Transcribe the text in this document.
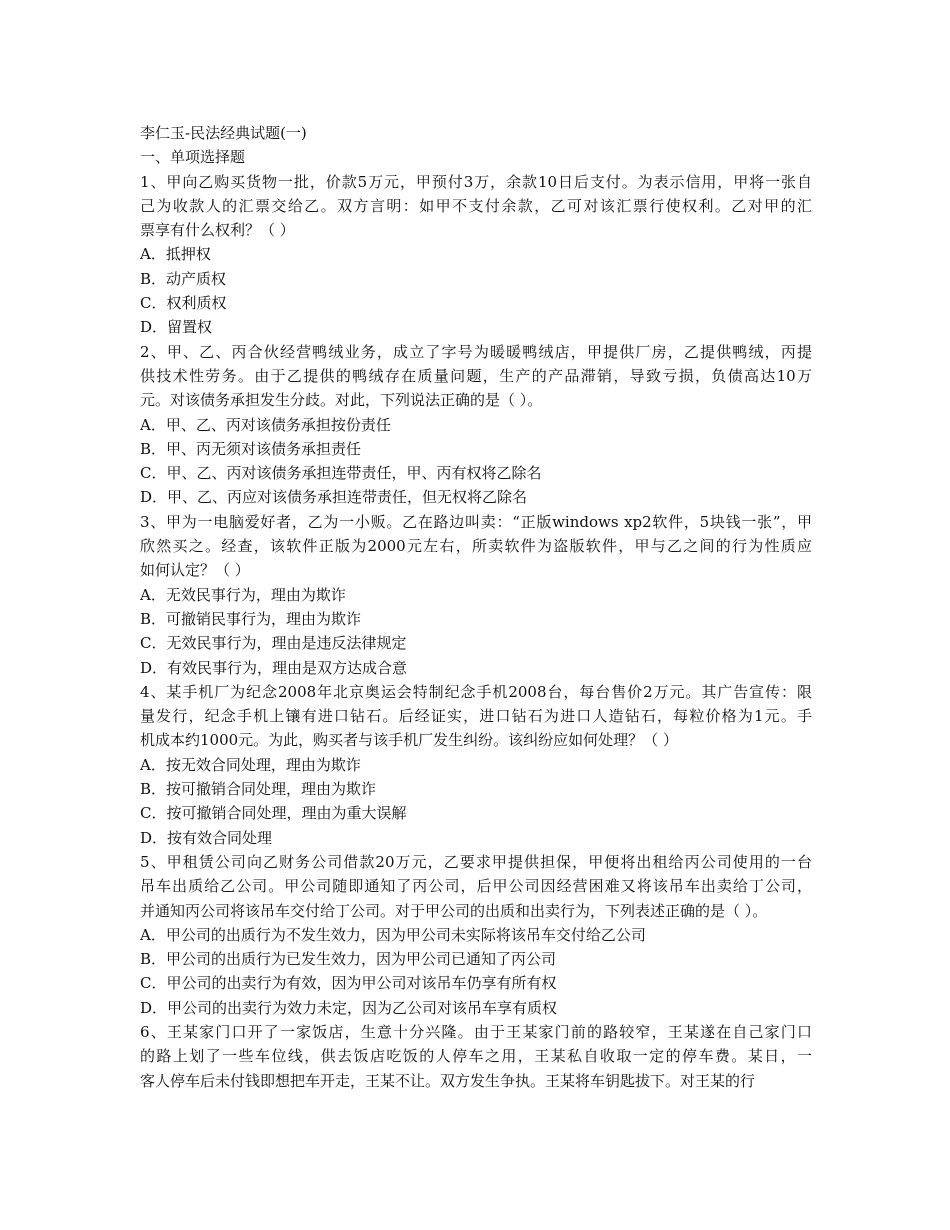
李仁玉-民法经典试题(一)
一、单项选择题
1、甲向乙购买货物一批，价款5万元，甲预付3万，余款10日后支付。为表示信用，甲将一张自
己为收款人的汇票交给乙。双方言明：如甲不支付余款，乙可对该汇票行使权利。乙对甲的汇
票享有什么权利？（ ）
A．抵押权
B．动产质权
C．权利质权
D．留置权
2、甲、乙、丙合伙经营鸭绒业务，成立了字号为暖暖鸭绒店，甲提供厂房，乙提供鸭绒，丙提
供技术性劳务。由于乙提供的鸭绒存在质量问题，生产的产品滞销，导致亏损，负债高达10万
元。对该债务承担发生分歧。对此，下列说法正确的是（ ）。
A．甲、乙、丙对该债务承担按份责任
B．甲、丙无须对该债务承担责任
C．甲、乙、丙对该债务承担连带责任，甲、丙有权将乙除名
D．甲、乙、丙应对该债务承担连带责任，但无权将乙除名
3、甲为一电脑爱好者，乙为一小贩。乙在路边叫卖：“正版windows xp2软件，5块钱一张”，甲
欣然买之。经查，该软件正版为2000元左右，所卖软件为盗版软件，甲与乙之间的行为性质应
如何认定？（ ）
A．无效民事行为，理由为欺诈
B．可撤销民事行为，理由为欺诈
C．无效民事行为，理由是违反法律规定
D．有效民事行为，理由是双方达成合意
4、某手机厂为纪念2008年北京奥运会特制纪念手机2008台，每台售价2万元。其广告宣传：限
量发行，纪念手机上镶有进口钻石。后经证实，进口钻石为进口人造钻石，每粒价格为1元。手
机成本约1000元。为此，购买者与该手机厂发生纠纷。该纠纷应如何处理？（ ）
A．按无效合同处理，理由为欺诈
B．按可撤销合同处理，理由为欺诈
C．按可撤销合同处理，理由为重大误解
D．按有效合同处理
5、甲租赁公司向乙财务公司借款20万元，乙要求甲提供担保，甲便将出租给丙公司使用的一台
吊车出质给乙公司。甲公司随即通知了丙公司，后甲公司因经营困难又将该吊车出卖给丁公司，
并通知丙公司将该吊车交付给丁公司。对于甲公司的出质和出卖行为，下列表述正确的是（ ）。
A．甲公司的出质行为不发生效力，因为甲公司未实际将该吊车交付给乙公司
B．甲公司的出质行为已发生效力，因为甲公司已通知了丙公司
C．甲公司的出卖行为有效，因为甲公司对该吊车仍享有所有权
D．甲公司的出卖行为效力未定，因为乙公司对该吊车享有质权
6、王某家门口开了一家饭店，生意十分兴隆。由于王某家门前的路较窄，王某遂在自己家门口
的路上划了一些车位线，供去饭店吃饭的人停车之用，王某私自收取一定的停车费。某日，一
客人停车后未付钱即想把车开走，王某不让。双方发生争执。王某将车钥匙拔下。对王某的行
